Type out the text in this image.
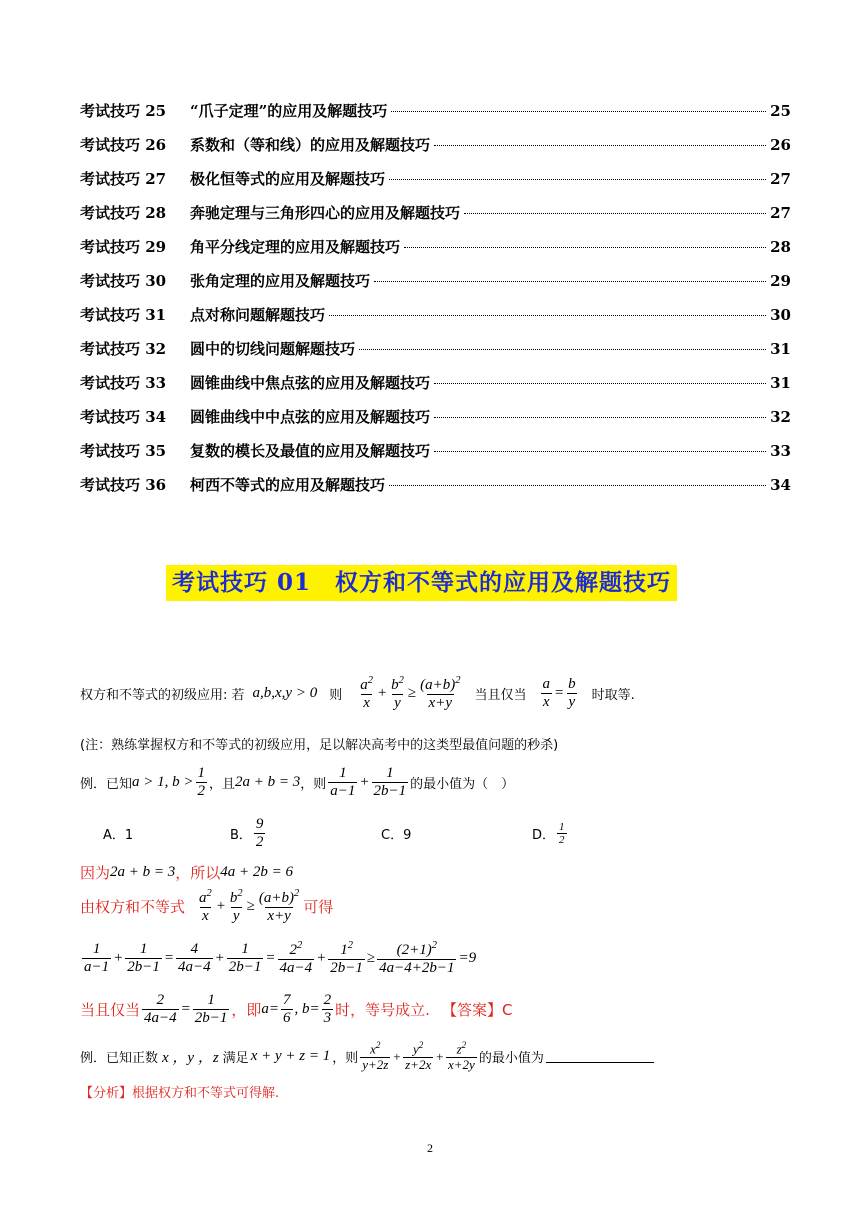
考试技巧 25	“爪子定理”的应用及解题技巧	25
考试技巧 26	系数和（等和线）的应用及解题技巧	26
考试技巧 27	极化恒等式的应用及解题技巧	27
考试技巧 28	奔驰定理与三角形四心的应用及解题技巧	27
考试技巧 29	角平分线定理的应用及解题技巧	28
考试技巧 30	张角定理的应用及解题技巧	29
考试技巧 31	点对称问题解题技巧	30
考试技巧 32	圆中的切线问题解题技巧	31
考试技巧 33	圆锥曲线中焦点弦的应用及解题技巧	31
考试技巧 34	圆锥曲线中中点弦的应用及解题技巧	32
考试技巧 35	复数的模长及最值的应用及解题技巧	33
考试技巧 36	柯西不等式的应用及解题技巧	34
考试技巧 01　权方和不等式的应用及解题技巧
权方和不等式的初级应用: 若 a,b,x,y > 0 则 $\frac{a^2}{x} + \frac{b^2}{y} \ge \frac{(a+b)^2}{x+y}$ 当且仅当 $\frac{a}{x} = \frac{b}{y}$ 时取等.
(注：熟练掌握权方和不等式的初级应用，足以解决高考中的这类型最值问题的秒杀)
例．已知 a > 1, $b > \frac{1}{2}$ ，且 2a + b = 3 ，则 $\frac{1}{a-1} + \frac{1}{2b-1}$ 的最小值为（　）
A．1	B． $\frac{9}{2}$	C．9	D． $\frac{1}{2}$
因为 2a + b = 3 ，所以 4a + 2b = 6
由权方和不等式 $\frac{a^2}{x} + \frac{b^2}{y} \ge \frac{(a+b)^2}{x+y}$ 可得
$\frac{1}{a-1} + \frac{1}{2b-1} = \frac{4}{4a-4} + \frac{1}{2b-1} = \frac{2^2}{4a-4} + \frac{1^2}{2b-1} \ge \frac{(2+1)^2}{4a-4+2b-1} =9$
当且仅当 $\frac{2}{4a-4} = \frac{1}{2b-1}$ ，即 $a= \frac{7}{6}$ , $b= \frac{2}{3}$ 时，等号成立. 【答案】C
例．已知正数 x ，y ，z 满足 x + y + z = 1 ，则 $\frac{x^2}{y+2z} + \frac{y^2}{z+2x} + \frac{z^2}{x+2y}$ 的最小值为
【分析】根据权方和不等式可得解.
2
